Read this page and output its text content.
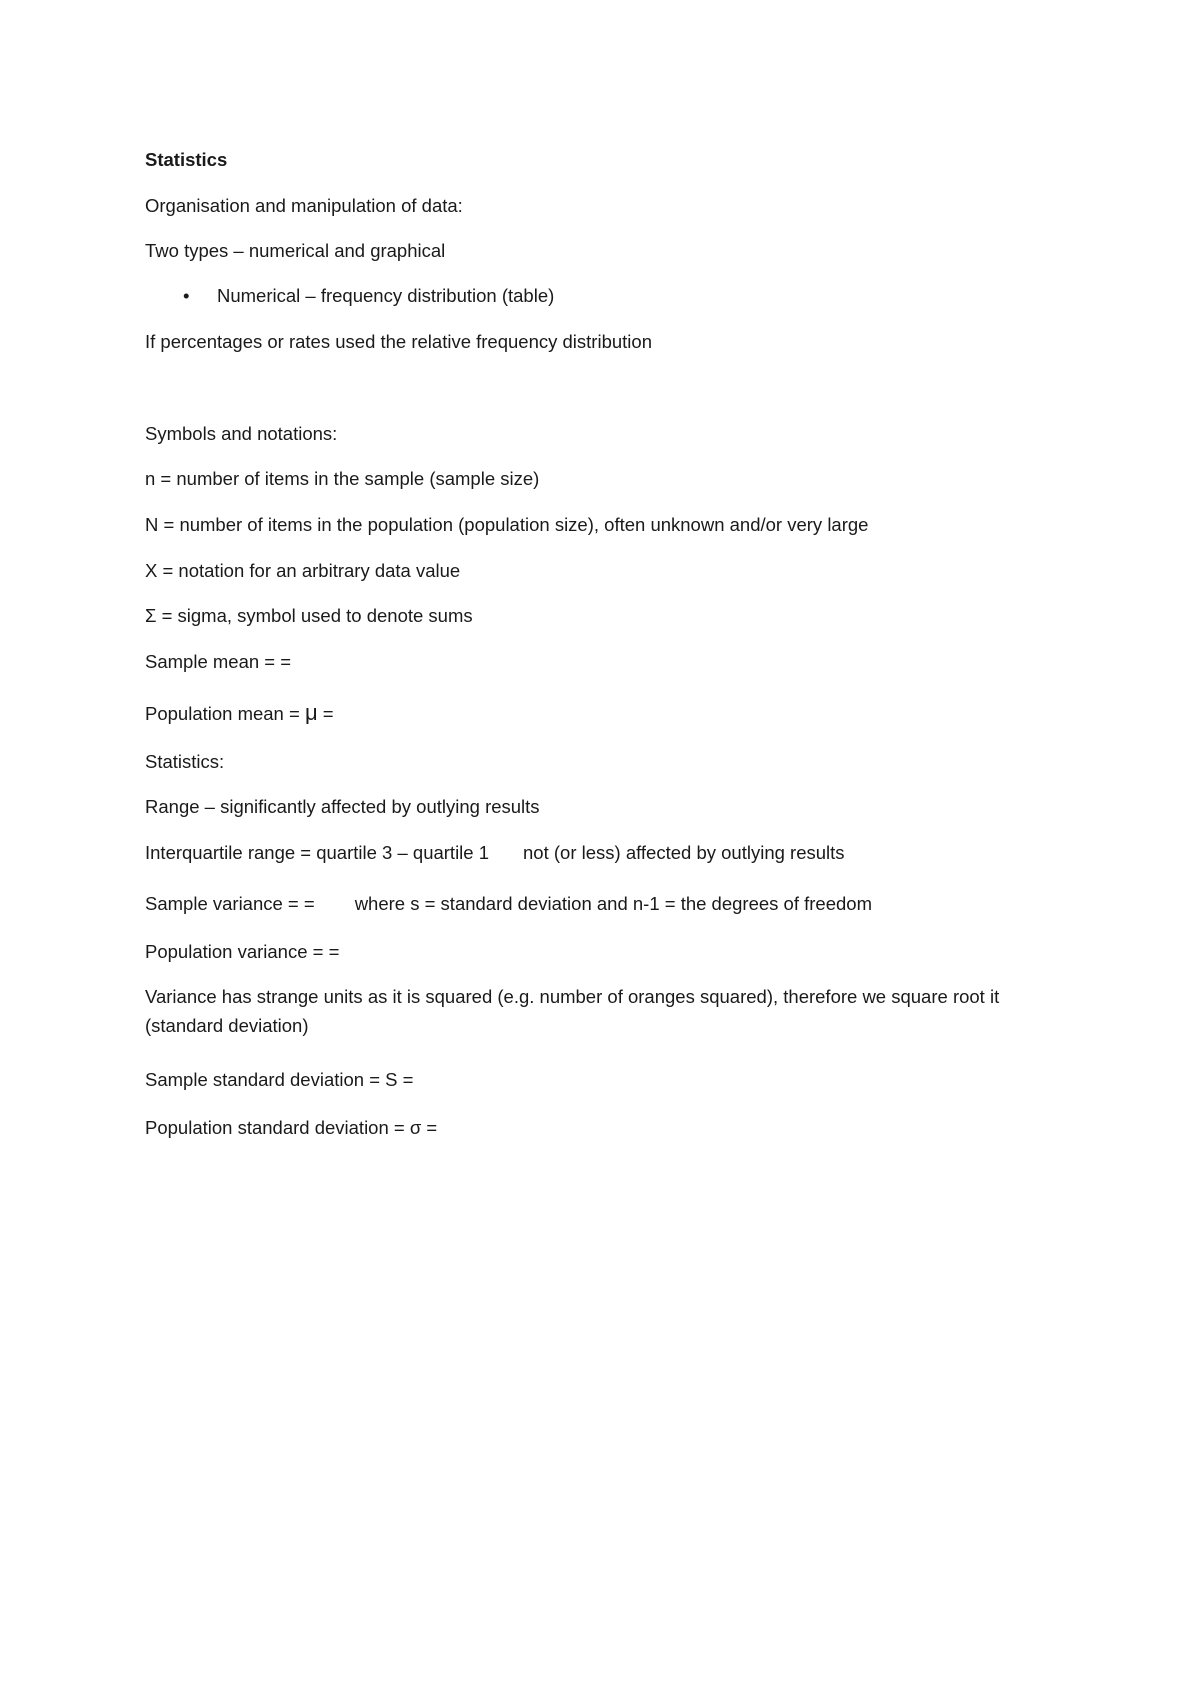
Statistics
Organisation and manipulation of data:
Two types – numerical and graphical
• Numerical – frequency distribution (table)
If percentages or rates used the relative frequency distribution
Symbols and notations:
n = number of items in the sample (sample size)
N = number of items in the population (population size), often unknown and/or very large
X = notation for an arbitrary data value
Σ = sigma, symbol used to denote sums
Sample mean = =
Population mean = μ =
Statistics:
Range – significantly affected by outlying results
Interquartile range = quartile 3 – quartile 1 not (or less) affected by outlying results
Sample variance = = where s = standard deviation and n-1 = the degrees of freedom
Population variance = =
Variance has strange units as it is squared (e.g. number of oranges squared), therefore we square root it (standard deviation)
Sample standard deviation = S =
Population standard deviation = σ =
